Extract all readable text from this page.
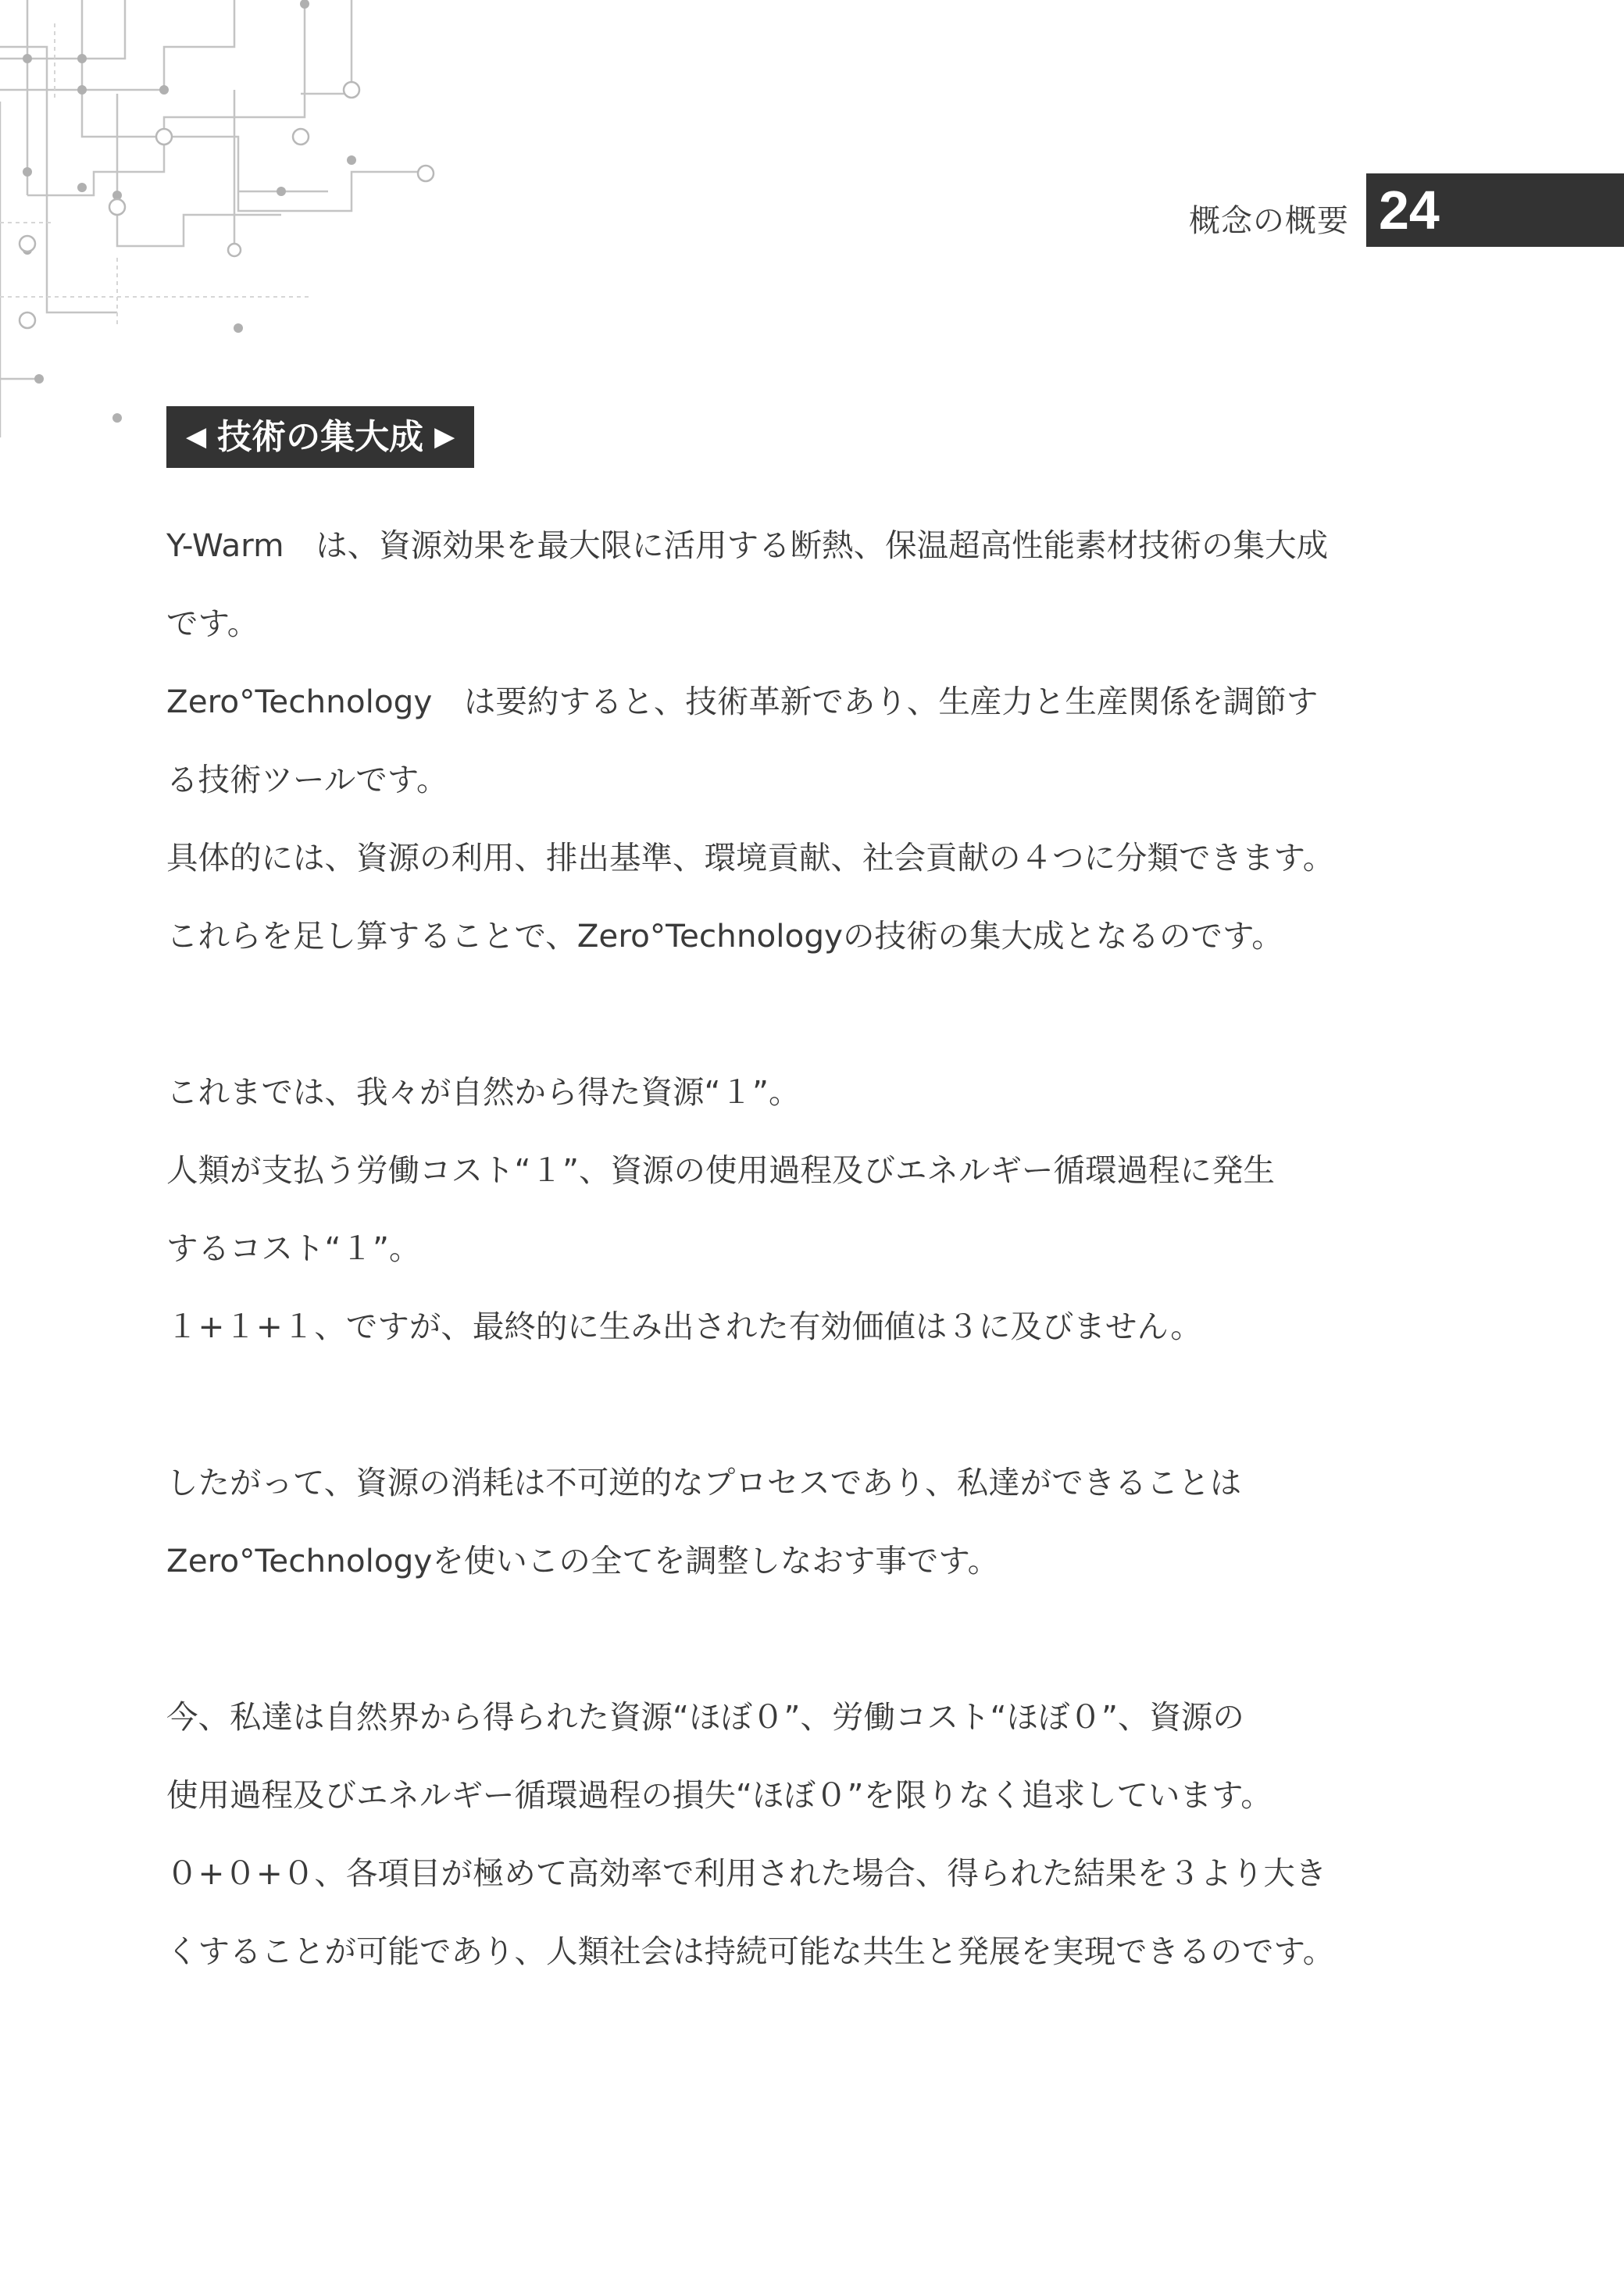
概念の概要 24
◀ 技術の集大成 ▶

Y-Warm　は、資源効果を最大限に活用する断熱、保温超高性能素材技術の集大成

です。

Zero°Technology　は要約すると、技術革新であり、生産力と生産関係を調節す

る技術ツールです。

具体的には、資源の利用、排出基準、環境貢献、社会貢献の４つに分類できます。

これらを足し算することで、Zero°Technologyの技術の集大成となるのです。

これまでは、我々が自然から得た資源“１”。

人類が支払う労働コスト“１”、資源の使用過程及びエネルギー循環過程に発生

するコスト“１”。

１+１+１、ですが、最終的に生み出された有効価値は３に及びません。

したがって、資源の消耗は不可逆的なプロセスであり、私達ができることは

Zero°Technologyを使いこの全てを調整しなおす事です。

今、私達は自然界から得られた資源“ほぼ０”、労働コスト“ほぼ０”、資源の

使用過程及びエネルギー循環過程の損失“ほぼ０”を限りなく追求しています。

０+０+０、各項目が極めて高効率で利用された場合、得られた結果を３より大き

くすることが可能であり、人類社会は持続可能な共生と発展を実現できるのです。
